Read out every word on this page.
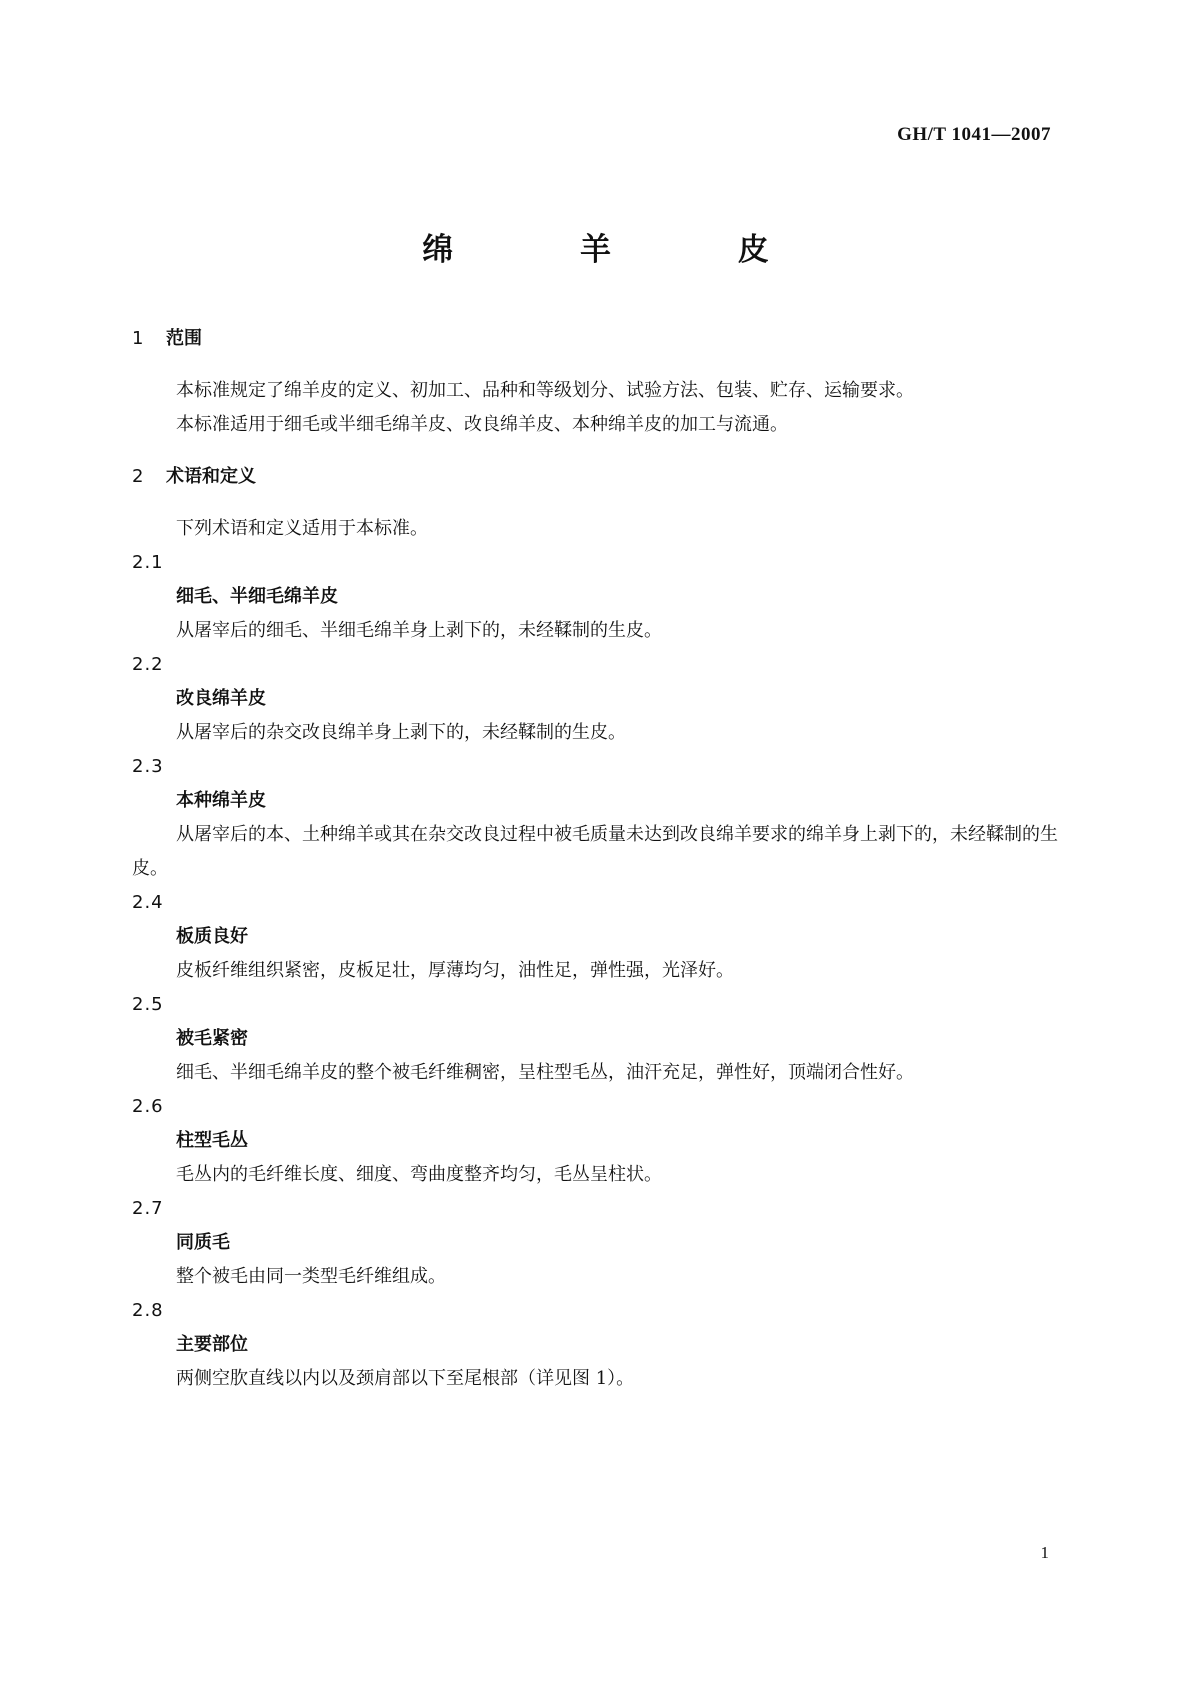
GH/T 1041—2007
绵 羊 皮
1 范围
本标准规定了绵羊皮的定义、初加工、品种和等级划分、试验方法、包装、贮存、运输要求。
本标准适用于细毛或半细毛绵羊皮、改良绵羊皮、本种绵羊皮的加工与流通。
2 术语和定义
下列术语和定义适用于本标准。
2.1
细毛、半细毛绵羊皮
从屠宰后的细毛、半细毛绵羊身上剥下的，未经鞣制的生皮。
2.2
改良绵羊皮
从屠宰后的杂交改良绵羊身上剥下的，未经鞣制的生皮。
2.3
本种绵羊皮
从屠宰后的本、土种绵羊或其在杂交改良过程中被毛质量未达到改良绵羊要求的绵羊身上剥下的，未经鞣制的生皮。
2.4
板质良好
皮板纤维组织紧密，皮板足壮，厚薄均匀，油性足，弹性强，光泽好。
2.5
被毛紧密
细毛、半细毛绵羊皮的整个被毛纤维稠密，呈柱型毛丛，油汗充足，弹性好，顶端闭合性好。
2.6
柱型毛丛
毛丛内的毛纤维长度、细度、弯曲度整齐均匀，毛丛呈柱状。
2.7
同质毛
整个被毛由同一类型毛纤维组成。
2.8
主要部位
两侧空肷直线以内以及颈肩部以下至尾根部（详见图 1）。
1
